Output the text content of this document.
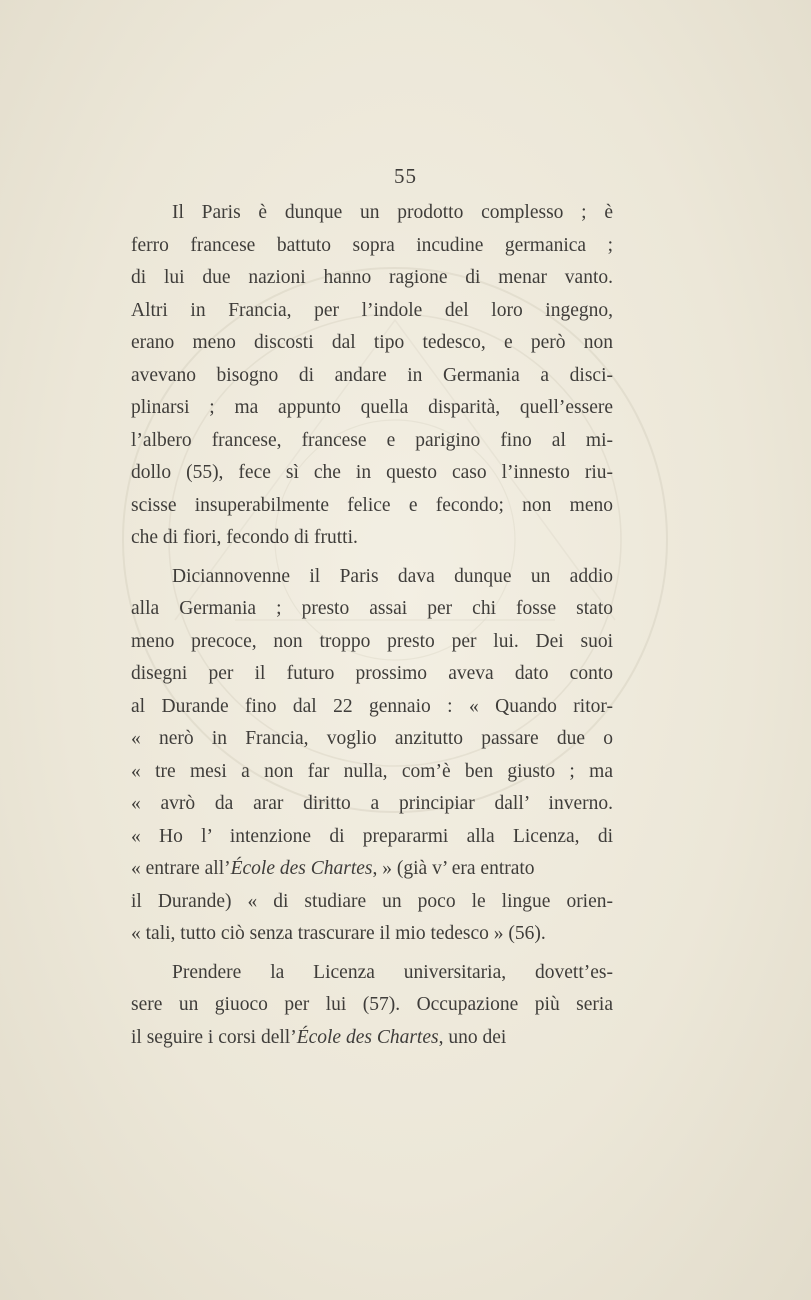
55
Il Paris è dunque un prodotto complesso ; è
ferro francese battuto sopra incudine germanica ;
di lui due nazioni hanno ragione di menar vanto.
Altri in Francia, per l’indole del loro ingegno,
erano meno discosti dal tipo tedesco, e però non
avevano bisogno di andare in Germania a disci-
plinarsi ; ma appunto quella disparità, quell’essere
l’albero francese, francese e parigino fino al mi-
dollo (55), fece sì che in questo caso l’innesto riu-
scisse insuperabilmente felice e fecondo; non meno
che di fiori, fecondo di frutti.
Diciannovenne il Paris dava dunque un addio
alla Germania ; presto assai per chi fosse stato
meno precoce, non troppo presto per lui. Dei suoi
disegni per il futuro prossimo aveva dato conto
al Durande fino dal 22 gennaio : « Quando ritor-
« nerò in Francia, voglio anzitutto passare due o
« tre mesi a non far nulla, com’è ben giusto ; ma
« avrò da arar diritto a principiar dall’ inverno.
« Ho l’ intenzione di prepararmi alla Licenza, di
« entrare all’École des Chartes, » (già v’ era entrato
il Durande) « di studiare un poco le lingue orien-
« tali, tutto ciò senza trascurare il mio tedesco » (56).
Prendere la Licenza universitaria, dovett’es-
sere un giuoco per lui (57). Occupazione più seria
il seguire i corsi dell’École des Chartes, uno dei
